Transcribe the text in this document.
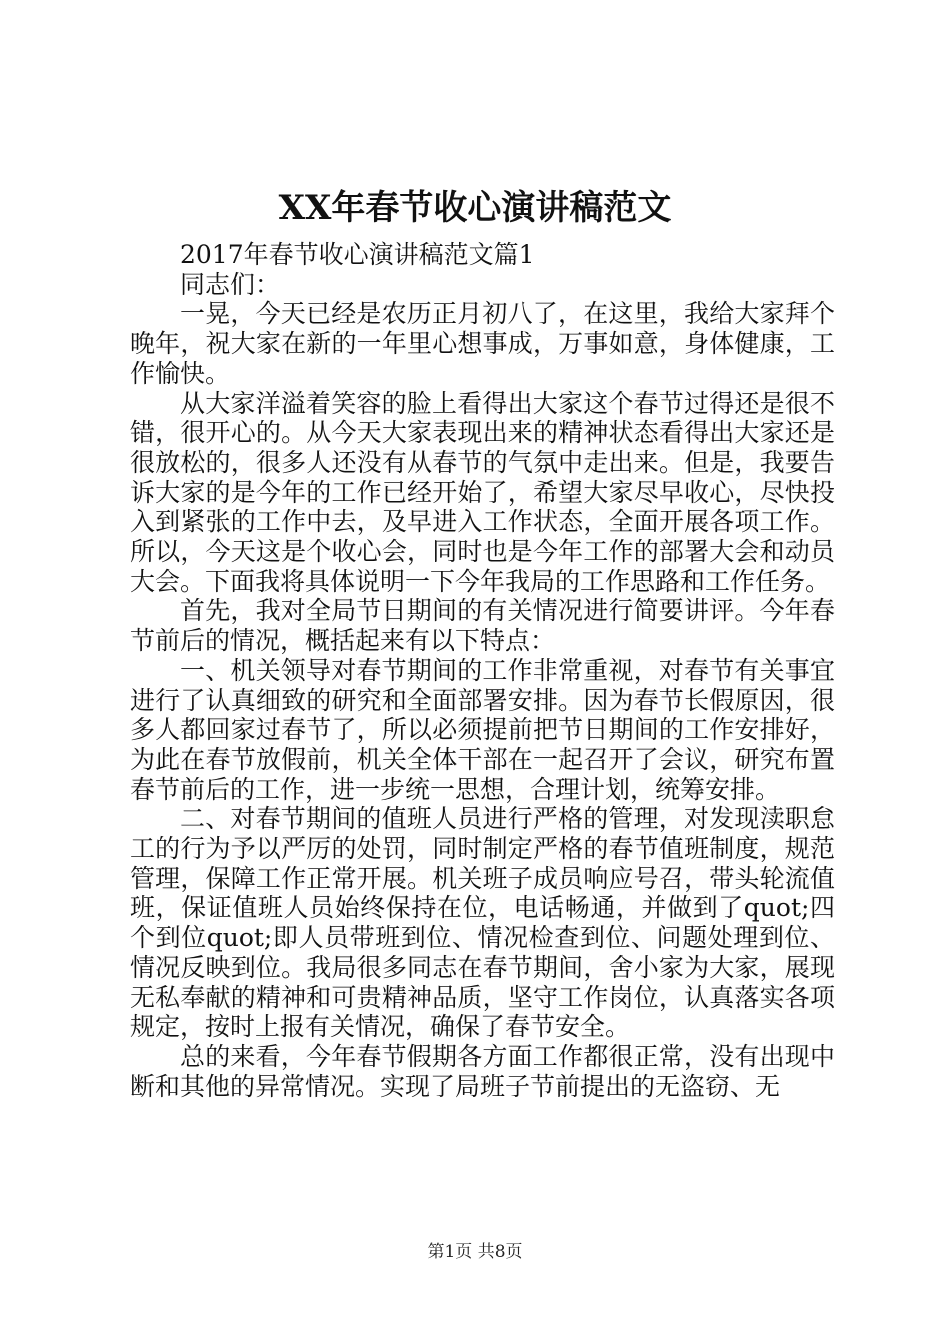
XX年春节收心演讲稿范文

2017年春节收心演讲稿范文篇1

同志们：

一晃，今天已经是农历正月初八了，在这里，我给大家拜个晚年，祝大家在新的一年里心想事成，万事如意，身体健康，工作愉快。

从大家洋溢着笑容的脸上看得出大家这个春节过得还是很不错，很开心的。从今天大家表现出来的精神状态看得出大家还是很放松的，很多人还没有从春节的气氛中走出来。但是，我要告诉大家的是今年的工作已经开始了，希望大家尽早收心，尽快投入到紧张的工作中去，及早进入工作状态，全面开展各项工作。所以，今天这是个收心会，同时也是今年工作的部署大会和动员大会。下面我将具体说明一下今年我局的工作思路和工作任务。

首先，我对全局节日期间的有关情况进行简要讲评。今年春节前后的情况，概括起来有以下特点：

一、机关领导对春节期间的工作非常重视，对春节有关事宜进行了认真细致的研究和全面部署安排。因为春节长假原因，很多人都回家过春节了，所以必须提前把节日期间的工作安排好，为此在春节放假前，机关全体干部在一起召开了会议，研究布置春节前后的工作，进一步统一思想，合理计划，统筹安排。

二、对春节期间的值班人员进行严格的管理，对发现渎职怠工的行为予以严厉的处罚，同时制定严格的春节值班制度，规范管理，保障工作正常开展。机关班子成员响应号召，带头轮流值班，保证值班人员始终保持在位，电话畅通，并做到了quot;四个到位quot;即人员带班到位、情况检查到位、问题处理到位、情况反映到位。我局很多同志在春节期间，舍小家为大家，展现无私奉献的精神和可贵精神品质，坚守工作岗位，认真落实各项规定，按时上报有关情况，确保了春节安全。

总的来看，今年春节假期各方面工作都很正常，没有出现中断和其他的异常情况。实现了局班子节前提出的无盗窃、无

第1页 共8页
